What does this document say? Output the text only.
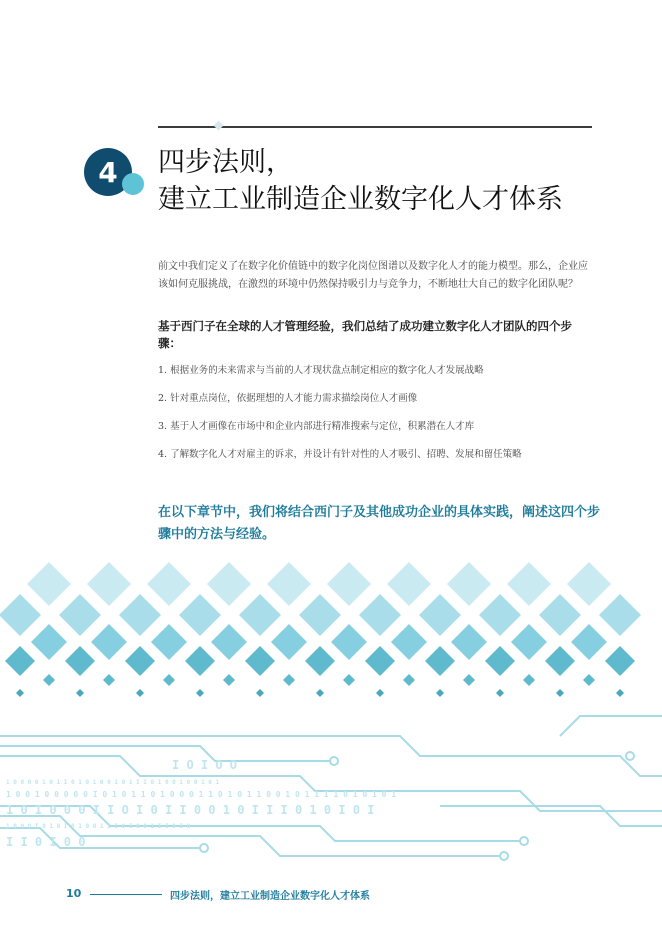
4	四步法则，
建立工业制造企业数字化人才体系

前文中我们定义了在数字化价值链中的数字化岗位图谱以及数字化人才的能力模型。那么，企业应该如何克服挑战，在激烈的环境中仍然保持吸引力与竞争力，不断地壮大自己的数字化团队呢？

基于西门子在全球的人才管理经验，我们总结了成功建立数字化人才团队的四个步骤：
1. 根据业务的未来需求与当前的人才现状盘点制定相应的数字化人才发展战略
2. 针对重点岗位，依据理想的人才能力需求描绘岗位人才画像
3. 基于人才画像在市场中和企业内部进行精准搜索与定位，积累潜在人才库
4. 了解数字化人才对雇主的诉求，并设计有针对性的人才吸引、招聘、发展和留任策略
在以下章节中，我们将结合西门子及其他成功企业的具体实践，阐述这四个步骤中的方法与经验。
I O I O O
1 0 0 0 0 1 0 1 I 0 1 0 1 0 0 1 0 1 I I 0 1 0 0 1 0 0 1 0 1
1 0 0 1 0 0 0 0 0 I 0 1 0 1 1 0 1 0 0 0 1 1 0 1 0 1 1 0 0 1 0 1 1 I 1 0 1 0 1 0 1
1 0 I 0 0 0 I I O I 0 I I 0 0 1 0 I I I 0 1 0 I 0 I
1 0 0 0 I 0 1 0 I 0 1 0 0 1 I I 0 I 0 0 1 I I 0 I 0
I I 0 I 0 0
10	四步法则，建立工业制造企业数字化人才体系
